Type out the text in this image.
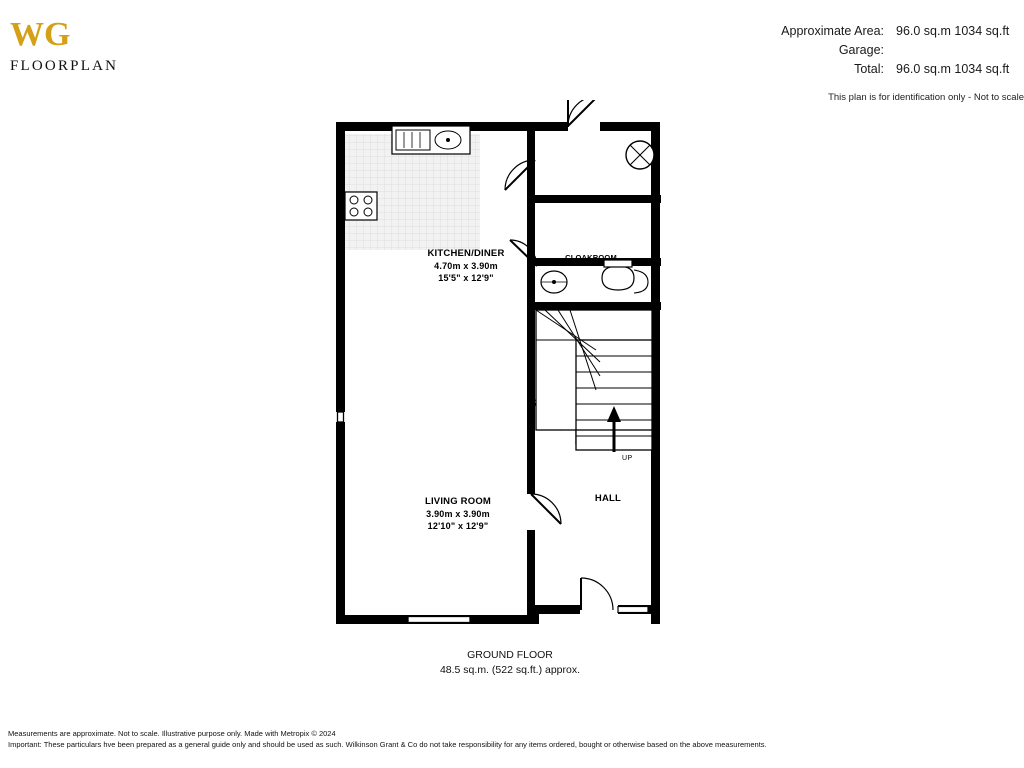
WG
FLOORPLAN
Approximate Area: 96.0 sq.m 1034 sq.ft
Garage:
Total: 96.0 sq.m 1034 sq.ft
This plan is for identification only - Not to scale
KITCHEN/DINER
4.70m x 3.90m
15'5" x 12'9"
LIVING ROOM
3.90m x 3.90m
12'10" x 12'9"
UTILITY ROOM
CLOAKROOM
HALL
UP
GROUND FLOOR
48.5 sq.m. (522 sq.ft.) approx.
Measurements are approximate. Not to scale. Illustrative purpose only. Made with Metropix © 2024
Important: These particulars hve been prepared as a general guide only and should be used as such. Wilkinson Grant & Co do not take responsibility for any items ordered, bought or otherwise based on the above measurements.
